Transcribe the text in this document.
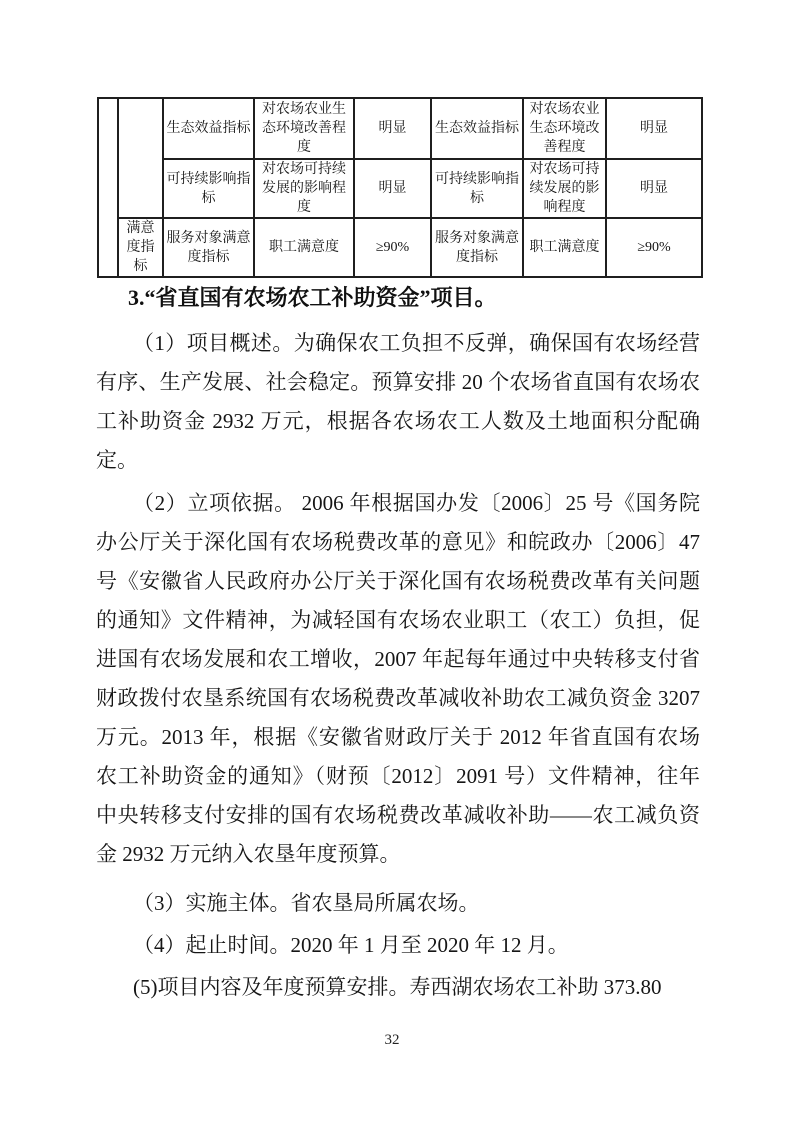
		生态效益指标	对农场农业生态环境改善程度	明显	生态效益指标	对农场农业生态环境改善程度	明显
		可持续影响指标	对农场可持续发展的影响程度	明显	可持续影响指标	对农场可持续发展的影响程度	明显
	满意度指标	服务对象满意度指标	职工满意度	≥90%	服务对象满意度指标	职工满意度	≥90%
3.“省直国有农场农工补助资金”项目。
（1）项目概述。为确保农工负担不反弹，确保国有农场经营
有序、生产发展、社会稳定。预算安排 20 个农场省直国有农场农
工补助资金 2932 万元，根据各农场农工人数及土地面积分配确
定。
（2）立项依据。 2006 年根据国办发〔2006〕25 号《国务院
办公厅关于深化国有农场税费改革的意见》和皖政办〔2006〕47
号《安徽省人民政府办公厅关于深化国有农场税费改革有关问题
的通知》文件精神，为减轻国有农场农业职工（农工）负担，促
进国有农场发展和农工增收，2007 年起每年通过中央转移支付省
财政拨付农垦系统国有农场税费改革减收补助农工减负资金 3207
万元。2013 年，根据《安徽省财政厅关于 2012 年省直国有农场
农工补助资金的通知》（财预〔2012〕2091 号）文件精神，往年
中央转移支付安排的国有农场税费改革减收补助——农工减负资
金 2932 万元纳入农垦年度预算。
（3）实施主体。省农垦局所属农场。
（4）起止时间。2020 年 1 月至 2020 年 12 月。
(5)项目内容及年度预算安排。寿西湖农场农工补助 373.80
32
